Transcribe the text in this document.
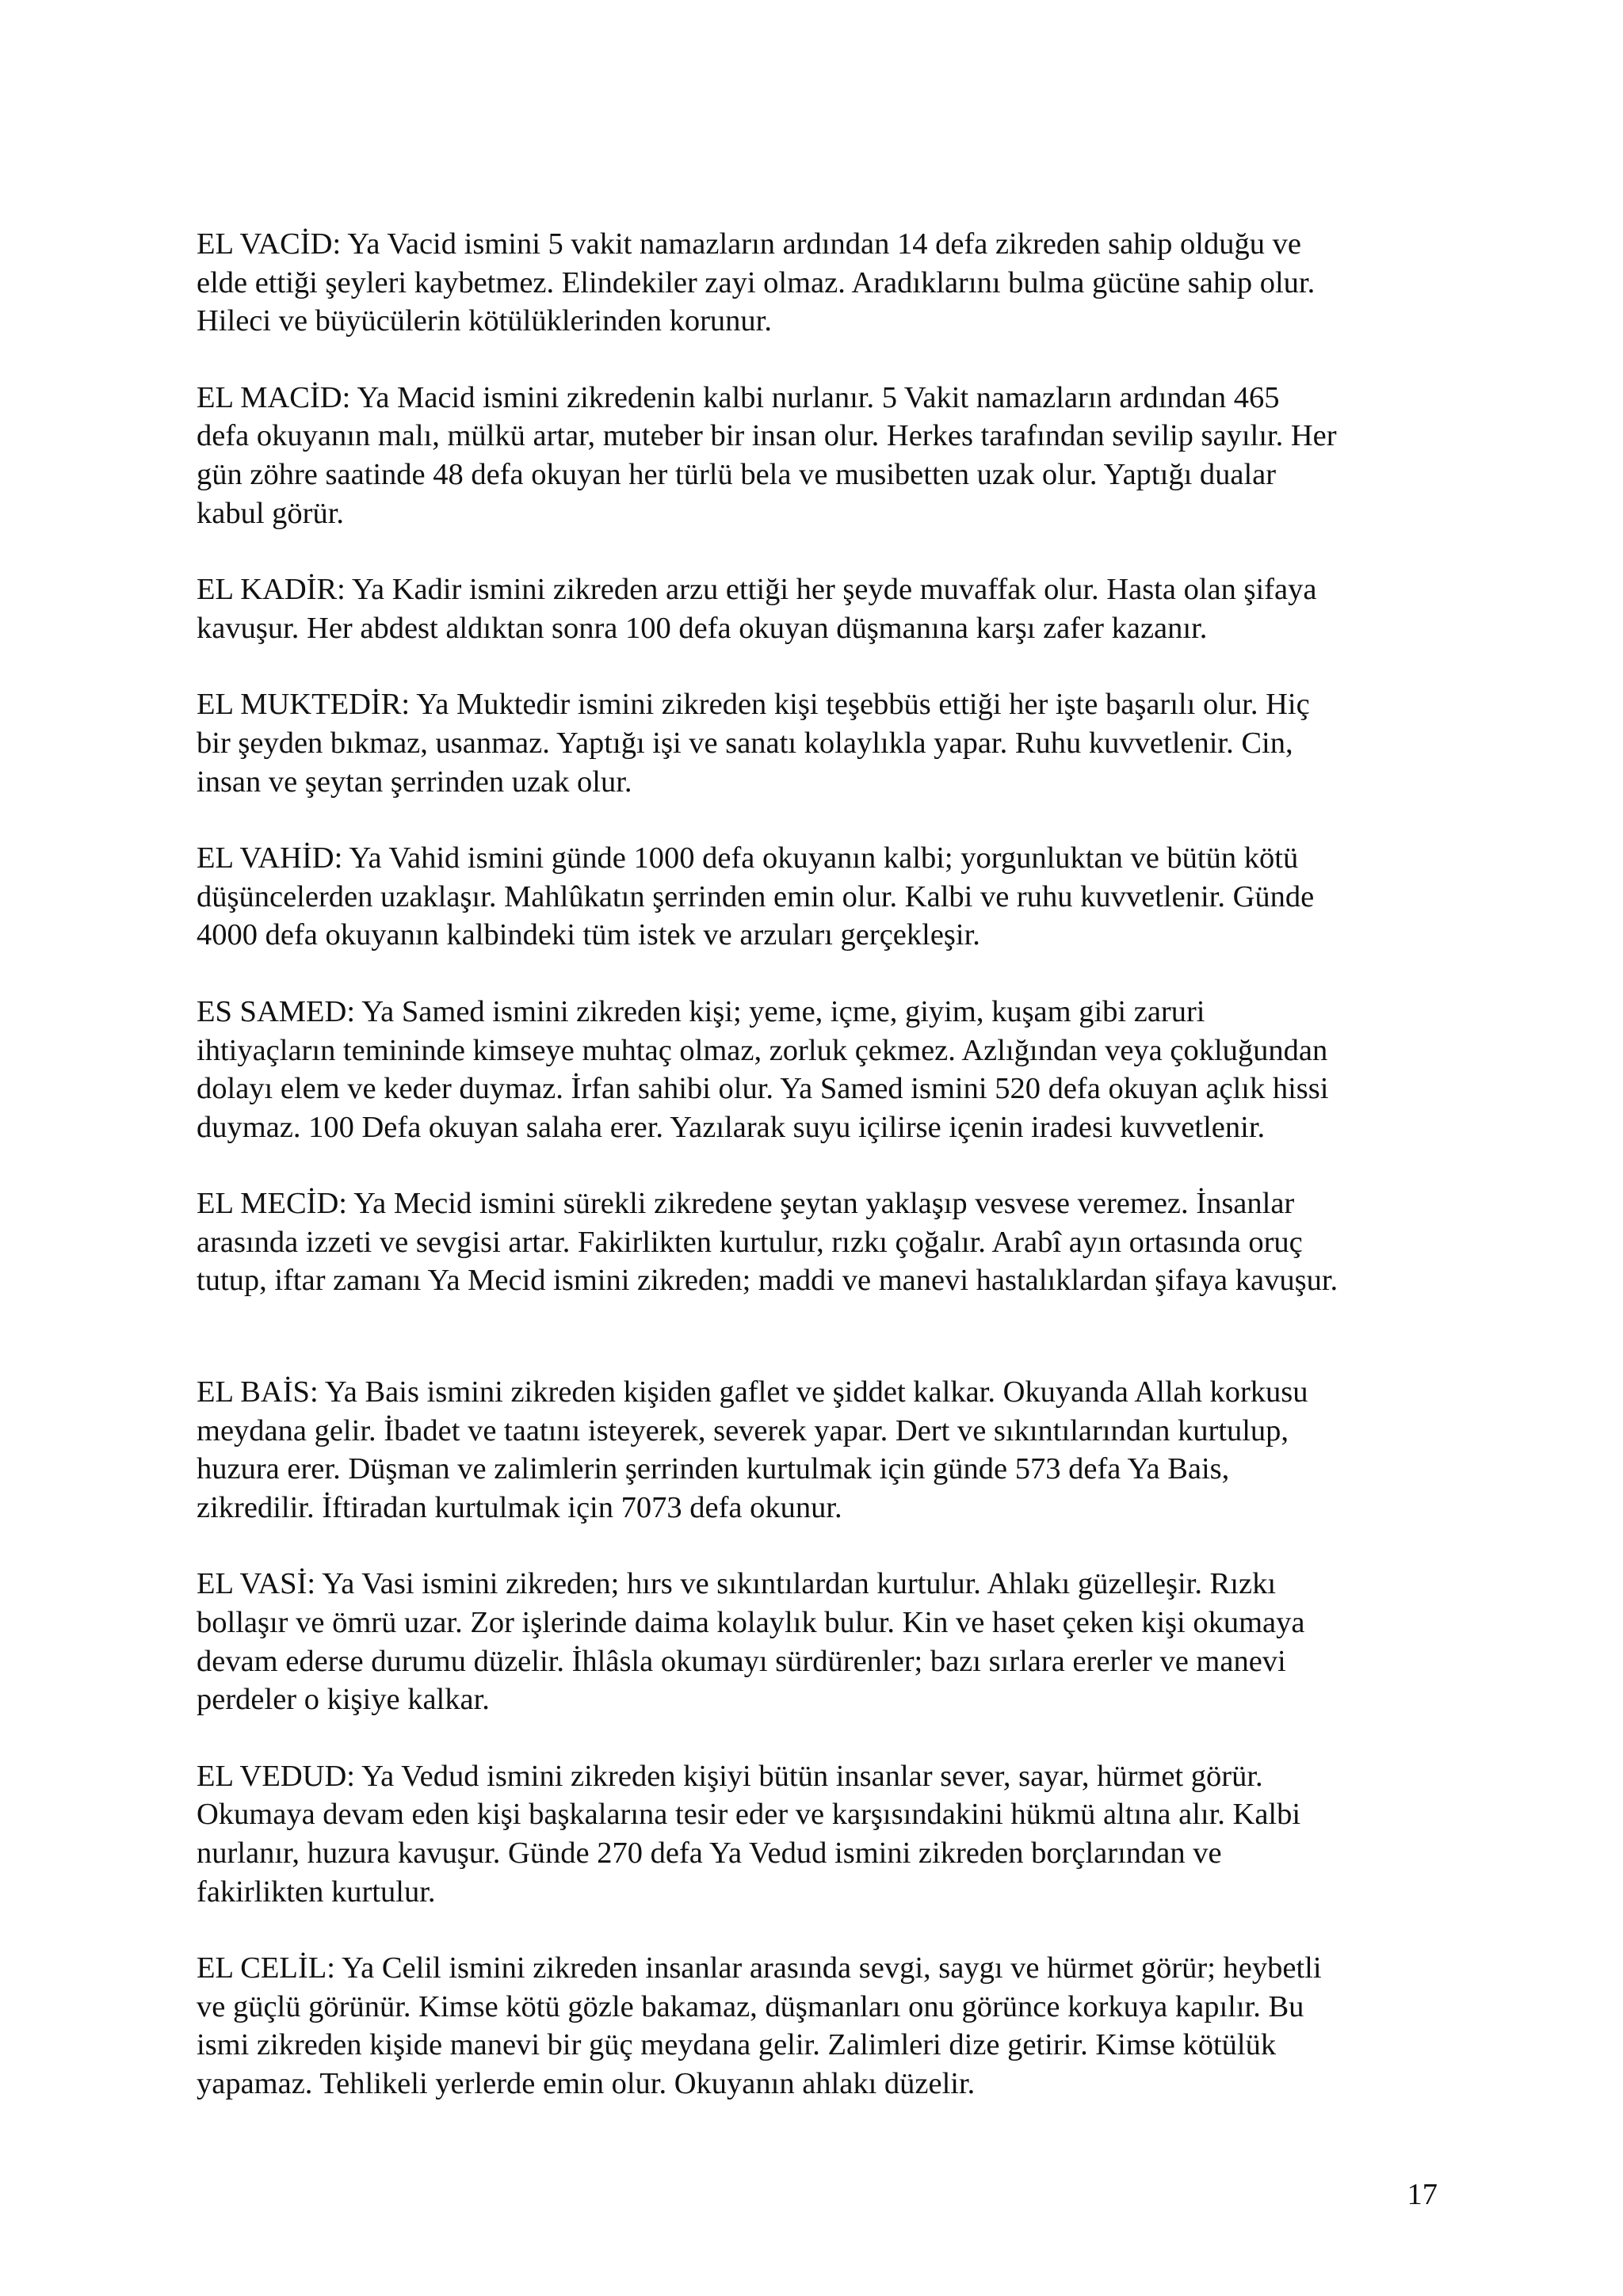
EL VACİD: Ya Vacid ismini 5 vakit namazların ardından 14 defa zikreden sahip olduğu ve
elde ettiği şeyleri kaybetmez. Elindekiler zayi olmaz. Aradıklarını bulma gücüne sahip olur.
Hileci ve büyücülerin kötülüklerinden korunur.

EL MACİD: Ya Macid ismini zikredenin kalbi nurlanır. 5 Vakit namazların ardından 465
defa okuyanın malı, mülkü artar, muteber bir insan olur. Herkes tarafından sevilip sayılır. Her
gün zöhre saatinde 48 defa okuyan her türlü bela ve musibetten uzak olur. Yaptığı dualar
kabul görür.

EL KADİR: Ya Kadir ismini zikreden arzu ettiği her şeyde muvaffak olur. Hasta olan şifaya
kavuşur. Her abdest aldıktan sonra 100 defa okuyan düşmanına karşı zafer kazanır.

EL MUKTEDİR: Ya Muktedir ismini zikreden kişi teşebbüs ettiği her işte başarılı olur. Hiç
bir şeyden bıkmaz, usanmaz. Yaptığı işi ve sanatı kolaylıkla yapar. Ruhu kuvvetlenir. Cin,
insan ve şeytan şerrinden uzak olur.

EL VAHİD: Ya Vahid ismini günde 1000 defa okuyanın kalbi; yorgunluktan ve bütün kötü
düşüncelerden uzaklaşır. Mahlûkatın şerrinden emin olur. Kalbi ve ruhu kuvvetlenir. Günde
4000 defa okuyanın kalbindeki tüm istek ve arzuları gerçekleşir.

ES SAMED: Ya Samed ismini zikreden kişi; yeme, içme, giyim, kuşam gibi zaruri
ihtiyaçların temininde kimseye muhtaç olmaz, zorluk çekmez. Azlığından veya çokluğundan
dolayı elem ve keder duymaz. İrfan sahibi olur. Ya Samed ismini 520 defa okuyan açlık hissi
duymaz. 100 Defa okuyan salaha erer. Yazılarak suyu içilirse içenin iradesi kuvvetlenir.

EL MECİD: Ya Mecid ismini sürekli zikredene şeytan yaklaşıp vesvese veremez. İnsanlar
arasında izzeti ve sevgisi artar. Fakirlikten kurtulur, rızkı çoğalır. Arabî ayın ortasında oruç
tutup, iftar zamanı Ya Mecid ismini zikreden; maddi ve manevi hastalıklardan şifaya kavuşur.

EL BAİS: Ya Bais ismini zikreden kişiden gaflet ve şiddet kalkar. Okuyanda Allah korkusu
meydana gelir. İbadet ve taatını isteyerek, severek yapar. Dert ve sıkıntılarından kurtulup,
huzura erer. Düşman ve zalimlerin şerrinden kurtulmak için günde 573 defa Ya Bais,
zikredilir. İftiradan kurtulmak için 7073 defa okunur.

EL VASİ: Ya Vasi ismini zikreden; hırs ve sıkıntılardan kurtulur. Ahlakı güzelleşir. Rızkı
bollaşır ve ömrü uzar. Zor işlerinde daima kolaylık bulur. Kin ve haset çeken kişi okumaya
devam ederse durumu düzelir. İhlâsla okumayı sürdürenler; bazı sırlara ererler ve manevi
perdeler o kişiye kalkar.

EL VEDUD: Ya Vedud ismini zikreden kişiyi bütün insanlar sever, sayar, hürmet görür.
Okumaya devam eden kişi başkalarına tesir eder ve karşısındakini hükmü altına alır. Kalbi
nurlanır, huzura kavuşur. Günde 270 defa Ya Vedud ismini zikreden borçlarından ve
fakirlikten kurtulur.

EL CELİL: Ya Celil ismini zikreden insanlar arasında sevgi, saygı ve hürmet görür; heybetli
ve güçlü görünür. Kimse kötü gözle bakamaz, düşmanları onu görünce korkuya kapılır. Bu
ismi zikreden kişide manevi bir güç meydana gelir. Zalimleri dize getirir. Kimse kötülük
yapamaz. Tehlikeli yerlerde emin olur. Okuyanın ahlakı düzelir.

17
